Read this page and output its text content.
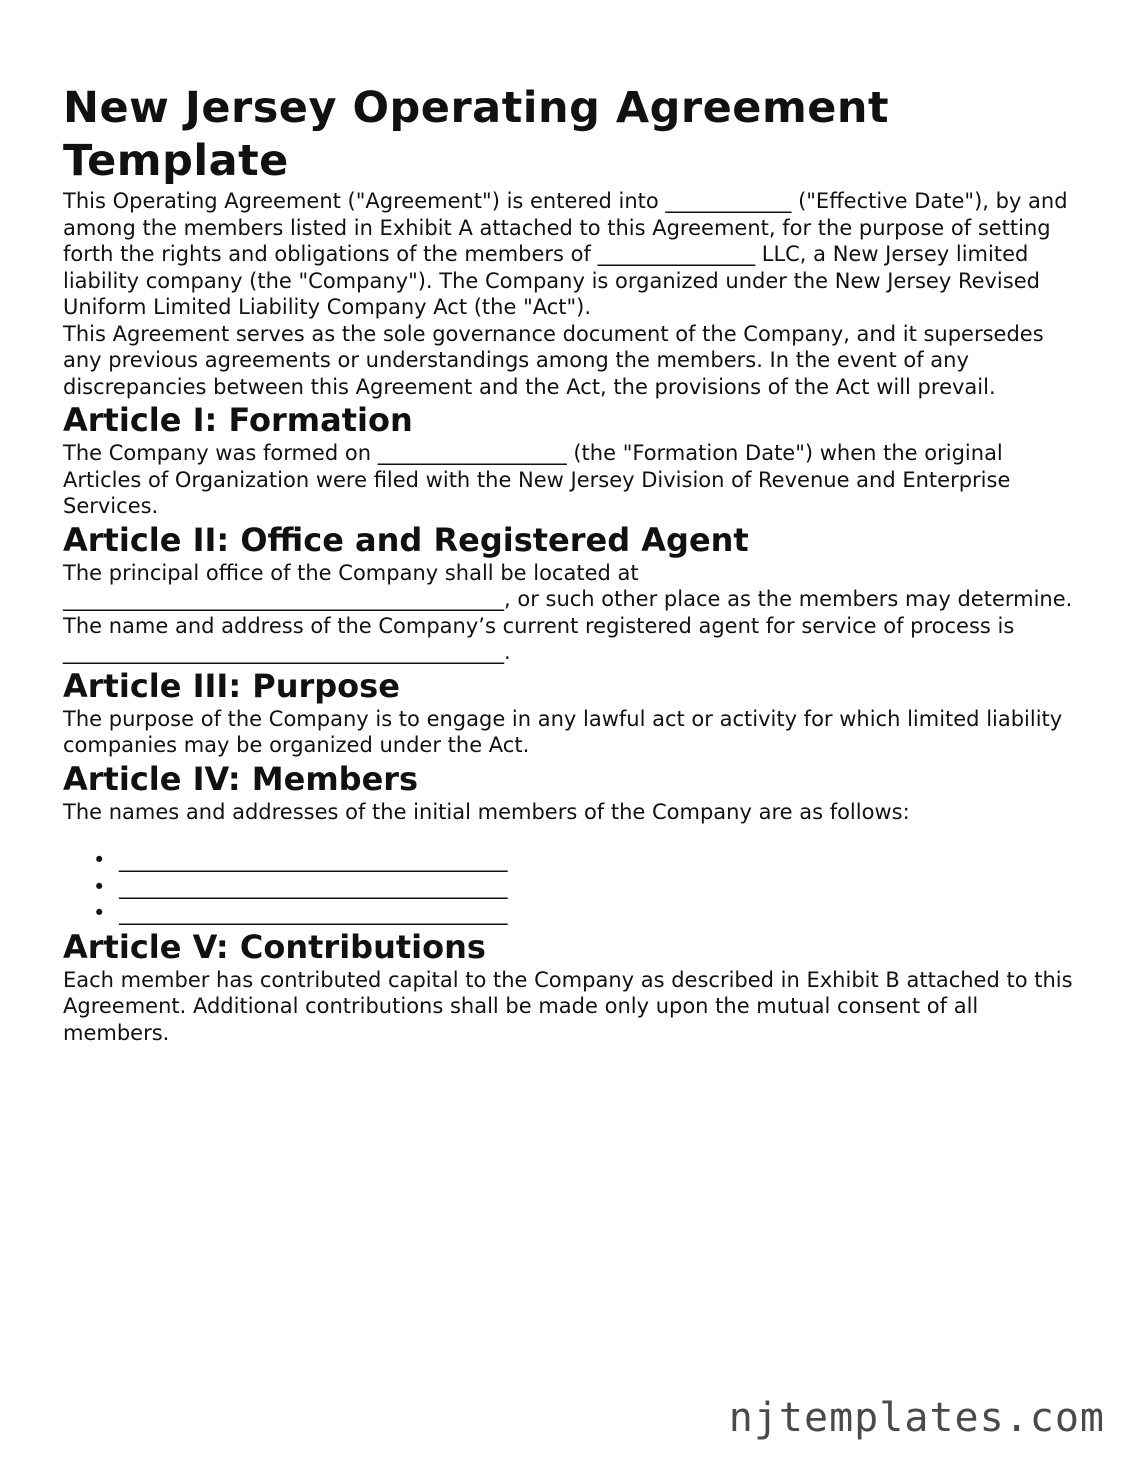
New Jersey Operating Agreement Template

This Operating Agreement ("Agreement") is entered into ____________ ("Effective Date"), by and among the members listed in Exhibit A attached to this Agreement, for the purpose of setting forth the rights and obligations of the members of _______________ LLC, a New Jersey limited liability company (the "Company"). The Company is organized under the New Jersey Revised Uniform Limited Liability Company Act (the "Act").

This Agreement serves as the sole governance document of the Company, and it supersedes any previous agreements or understandings among the members. In the event of any discrepancies between this Agreement and the Act, the provisions of the Act will prevail.

Article I: Formation

The Company was formed on __________________ (the "Formation Date") when the original Articles of Organization were filed with the New Jersey Division of Revenue and Enterprise Services.

Article II: Office and Registered Agent

The principal office of the Company shall be located at __________________________________________, or such other place as the members may determine. The name and address of the Company’s current registered agent for service of process is __________________________________________.

Article III: Purpose

The purpose of the Company is to engage in any lawful act or activity for which limited liability companies may be organized under the Act.

Article IV: Members

The names and addresses of the initial members of the Company are as follows:

• _____________________________________
• _____________________________________
• _____________________________________
Article V: Contributions

Each member has contributed capital to the Company as described in Exhibit B attached to this Agreement. Additional contributions shall be made only upon the mutual consent of all members.

njtemplates.com
